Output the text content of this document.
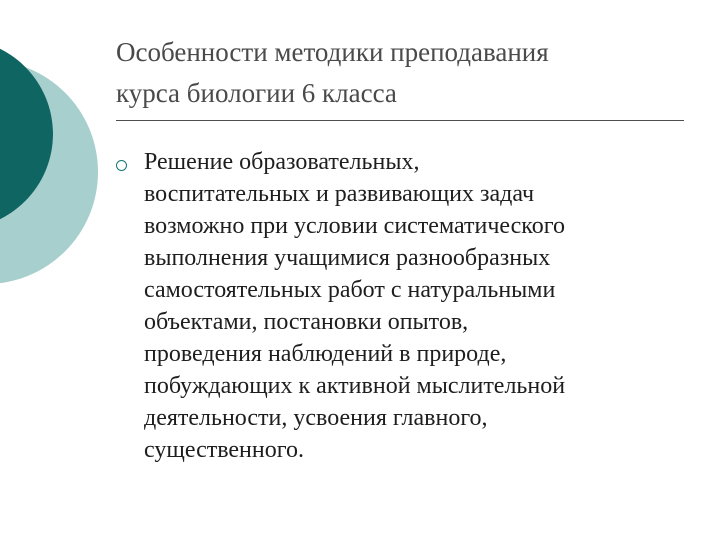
Особенности методики преподавания
курса биологии 6 класса
Решение образовательных,
воспитательных и развивающих задач
возможно при условии систематического
выполнения учащимися разнообразных
самостоятельных работ с натуральными
объектами, постановки опытов,
проведения наблюдений в природе,
побуждающих к активной мыслительной
деятельности, усвоения главного,
существенного.
